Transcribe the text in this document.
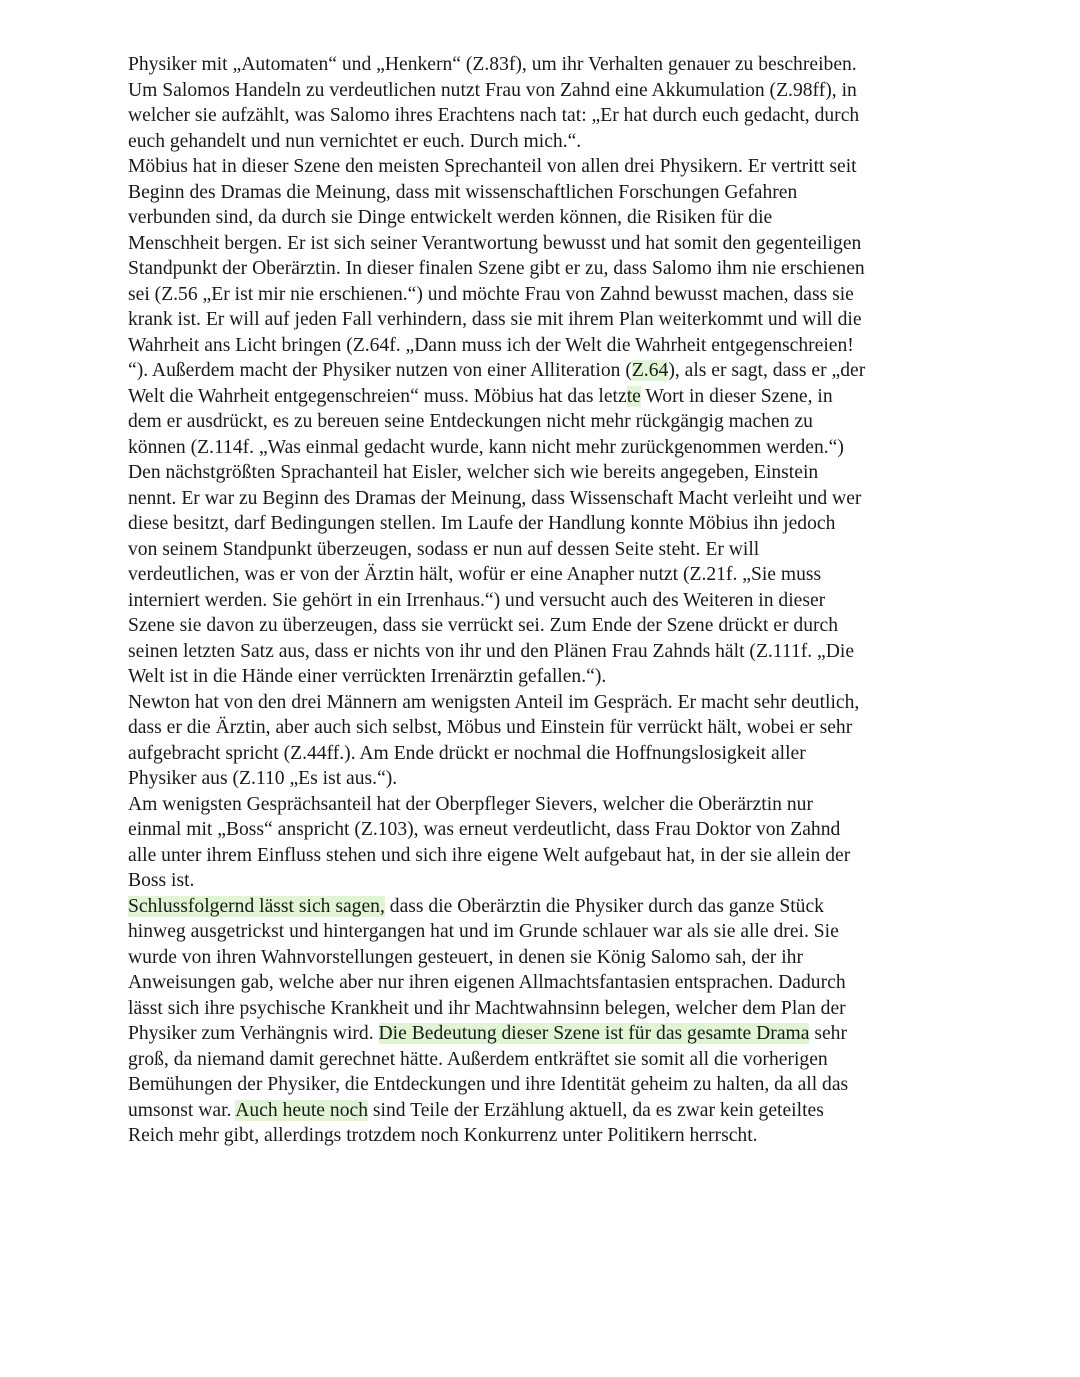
Physiker mit „Automaten“ und „Henkern“ (Z.83f), um ihr Verhalten genauer zu beschreiben.
Um Salomos Handeln zu verdeutlichen nutzt Frau von Zahnd eine Akkumulation (Z.98ff), in
welcher sie aufzählt, was Salomo ihres Erachtens nach tat: „Er hat durch euch gedacht, durch
euch gehandelt und nun vernichtet er euch. Durch mich.“.
Möbius hat in dieser Szene den meisten Sprechanteil von allen drei Physikern. Er vertritt seit
Beginn des Dramas die Meinung, dass mit wissenschaftlichen Forschungen Gefahren
verbunden sind, da durch sie Dinge entwickelt werden können, die Risiken für die
Menschheit bergen. Er ist sich seiner Verantwortung bewusst und hat somit den gegenteiligen
Standpunkt der Oberärztin. In dieser finalen Szene gibt er zu, dass Salomo ihm nie erschienen
sei (Z.56 „Er ist mir nie erschienen.“) und möchte Frau von Zahnd bewusst machen, dass sie
krank ist. Er will auf jeden Fall verhindern, dass sie mit ihrem Plan weiterkommt und will die
Wahrheit ans Licht bringen (Z.64f. „Dann muss ich der Welt die Wahrheit entgegenschreien!
“). Außerdem macht der Physiker nutzen von einer Alliteration (Z.64), als er sagt, dass er „der
Welt die Wahrheit entgegenschreien“ muss. Möbius hat das letzte Wort in dieser Szene, in
dem er ausdrückt, es zu bereuen seine Entdeckungen nicht mehr rückgängig machen zu
können (Z.114f. „Was einmal gedacht wurde, kann nicht mehr zurückgenommen werden.“)
Den nächstgrößten Sprachanteil hat Eisler, welcher sich wie bereits angegeben, Einstein
nennt. Er war zu Beginn des Dramas der Meinung, dass Wissenschaft Macht verleiht und wer
diese besitzt, darf Bedingungen stellen. Im Laufe der Handlung konnte Möbius ihn jedoch
von seinem Standpunkt überzeugen, sodass er nun auf dessen Seite steht. Er will
verdeutlichen, was er von der Ärztin hält, wofür er eine Anapher nutzt (Z.21f. „Sie muss
interniert werden. Sie gehört in ein Irrenhaus.“) und versucht auch des Weiteren in dieser
Szene sie davon zu überzeugen, dass sie verrückt sei. Zum Ende der Szene drückt er durch
seinen letzten Satz aus, dass er nichts von ihr und den Plänen Frau Zahnds hält (Z.111f. „Die
Welt ist in die Hände einer verrückten Irrenärztin gefallen.“).
Newton hat von den drei Männern am wenigsten Anteil im Gespräch. Er macht sehr deutlich,
dass er die Ärztin, aber auch sich selbst, Möbus und Einstein für verrückt hält, wobei er sehr
aufgebracht spricht (Z.44ff.). Am Ende drückt er nochmal die Hoffnungslosigkeit aller
Physiker aus (Z.110 „Es ist aus.“).
Am wenigsten Gesprächsanteil hat der Oberpfleger Sievers, welcher die Oberärztin nur
einmal mit „Boss“ anspricht (Z.103), was erneut verdeutlicht, dass Frau Doktor von Zahnd
alle unter ihrem Einfluss stehen und sich ihre eigene Welt aufgebaut hat, in der sie allein der
Boss ist.
Schlussfolgernd lässt sich sagen, dass die Oberärztin die Physiker durch das ganze Stück
hinweg ausgetrickst und hintergangen hat und im Grunde schlauer war als sie alle drei. Sie
wurde von ihren Wahnvorstellungen gesteuert, in denen sie König Salomo sah, der ihr
Anweisungen gab, welche aber nur ihren eigenen Allmachtsfantasien entsprachen. Dadurch
lässt sich ihre psychische Krankheit und ihr Machtwahnsinn belegen, welcher dem Plan der
Physiker zum Verhängnis wird. Die Bedeutung dieser Szene ist für das gesamte Drama sehr
groß, da niemand damit gerechnet hätte. Außerdem entkräftet sie somit all die vorherigen
Bemühungen der Physiker, die Entdeckungen und ihre Identität geheim zu halten, da all das
umsonst war. Auch heute noch sind Teile der Erzählung aktuell, da es zwar kein geteiltes
Reich mehr gibt, allerdings trotzdem noch Konkurrenz unter Politikern herrscht.
